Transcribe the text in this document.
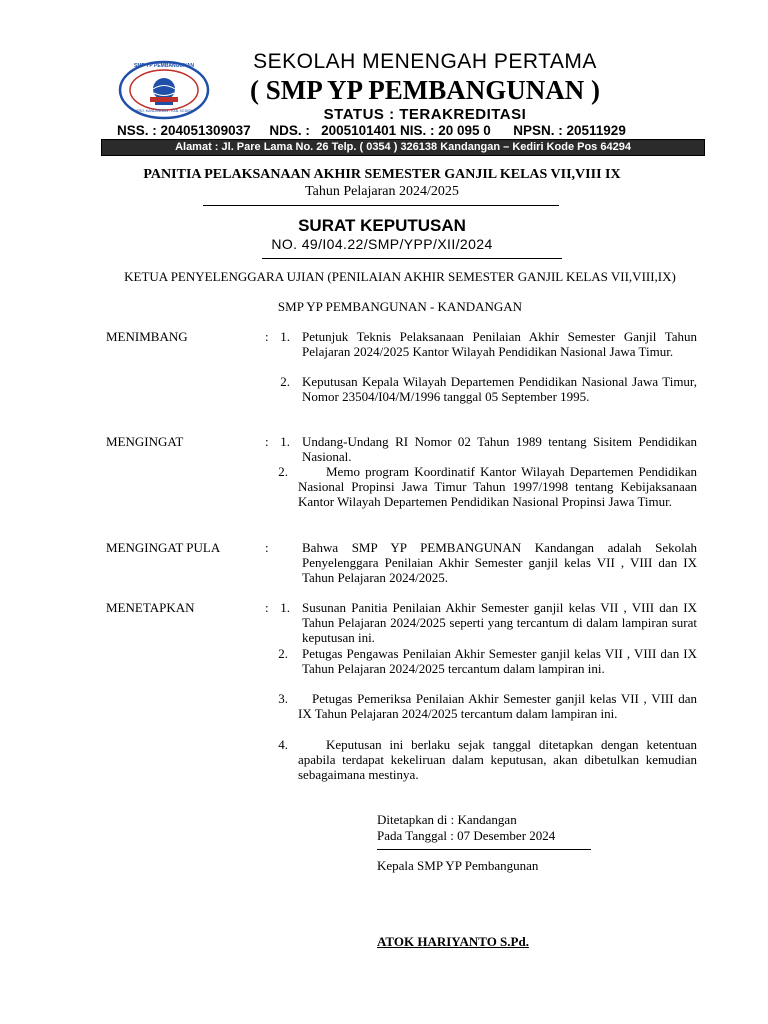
SMP YP PEMBANGUNAN
BRO. KANDANGAN - KAB. KEDIRI
SEKOLAH MENENGAH PERTAMA
( SMP YP PEMBANGUNAN )
STATUS : TERAKREDITASI
NSS. : 204051309037     NDS. :   2005101401 NIS. : 20 095 0      NPSN. : 20511929
Alamat : Jl. Pare Lama No. 26 Telp. ( 0354 ) 326138 Kandangan – Kediri Kode Pos 64294
PANITIA PELAKSANAAN AKHIR SEMESTER GANJIL KELAS VII,VIII IX
Tahun Pelajaran 2024/2025
SURAT KEPUTUSAN
NO. 49/I04.22/SMP/YPP/XII/2024
KETUA PENYELENGGARA UJIAN (PENILAIAN AKHIR SEMESTER GANJIL KELAS VII,VIII,IX)
SMP YP PEMBANGUNAN - KANDANGAN
MENIMBANG	: 1. Petunjuk Teknis Pelaksanaan Penilaian Akhir Semester Ganjil Tahun Pelajaran 2024/2025 Kantor Wilayah Pendidikan Nasional Jawa Timur.
2. Keputusan Kepala Wilayah Departemen Pendidikan Nasional Jawa Timur, Nomor 23504/I04/M/1996 tanggal 05 September 1995.
MENGINGAT	: 1. Undang-Undang RI Nomor 02 Tahun 1989 tentang Sisitem Pendidikan Nasional.
2.	Memo program Koordinatif Kantor Wilayah Departemen Pendidikan Nasional Propinsi Jawa Timur Tahun 1997/1998 tentang Kebijaksanaan Kantor Wilayah Departemen Pendidikan Nasional Propinsi Jawa Timur.
MENGINGAT PULA	:	Bahwa SMP YP PEMBANGUNAN Kandangan adalah Sekolah Penyelenggara Penilaian Akhir Semester ganjil kelas VII , VIII dan IX Tahun Pelajaran 2024/2025.
MENETAPKAN	: 1. Susunan Panitia Penilaian Akhir Semester ganjil kelas VII , VIII dan IX Tahun Pelajaran 2024/2025 seperti yang tercantum di dalam lampiran surat keputusan ini.
2. Petugas Pengawas Penilaian Akhir Semester ganjil kelas VII , VIII dan IX Tahun Pelajaran 2024/2025 tercantum dalam lampiran ini.
3.	Petugas Pemeriksa Penilaian Akhir Semester ganjil kelas VII , VIII dan IX Tahun Pelajaran 2024/2025 tercantum dalam lampiran ini.
4.	Keputusan ini berlaku sejak tanggal ditetapkan dengan ketentuan apabila terdapat kekeliruan dalam keputusan, akan dibetulkan kemudian sebagaimana mestinya.
Ditetapkan di : Kandangan
Pada Tanggal : 07 Desember 2024
Kepala SMP YP Pembangunan
ATOK HARIYANTO S.Pd.
